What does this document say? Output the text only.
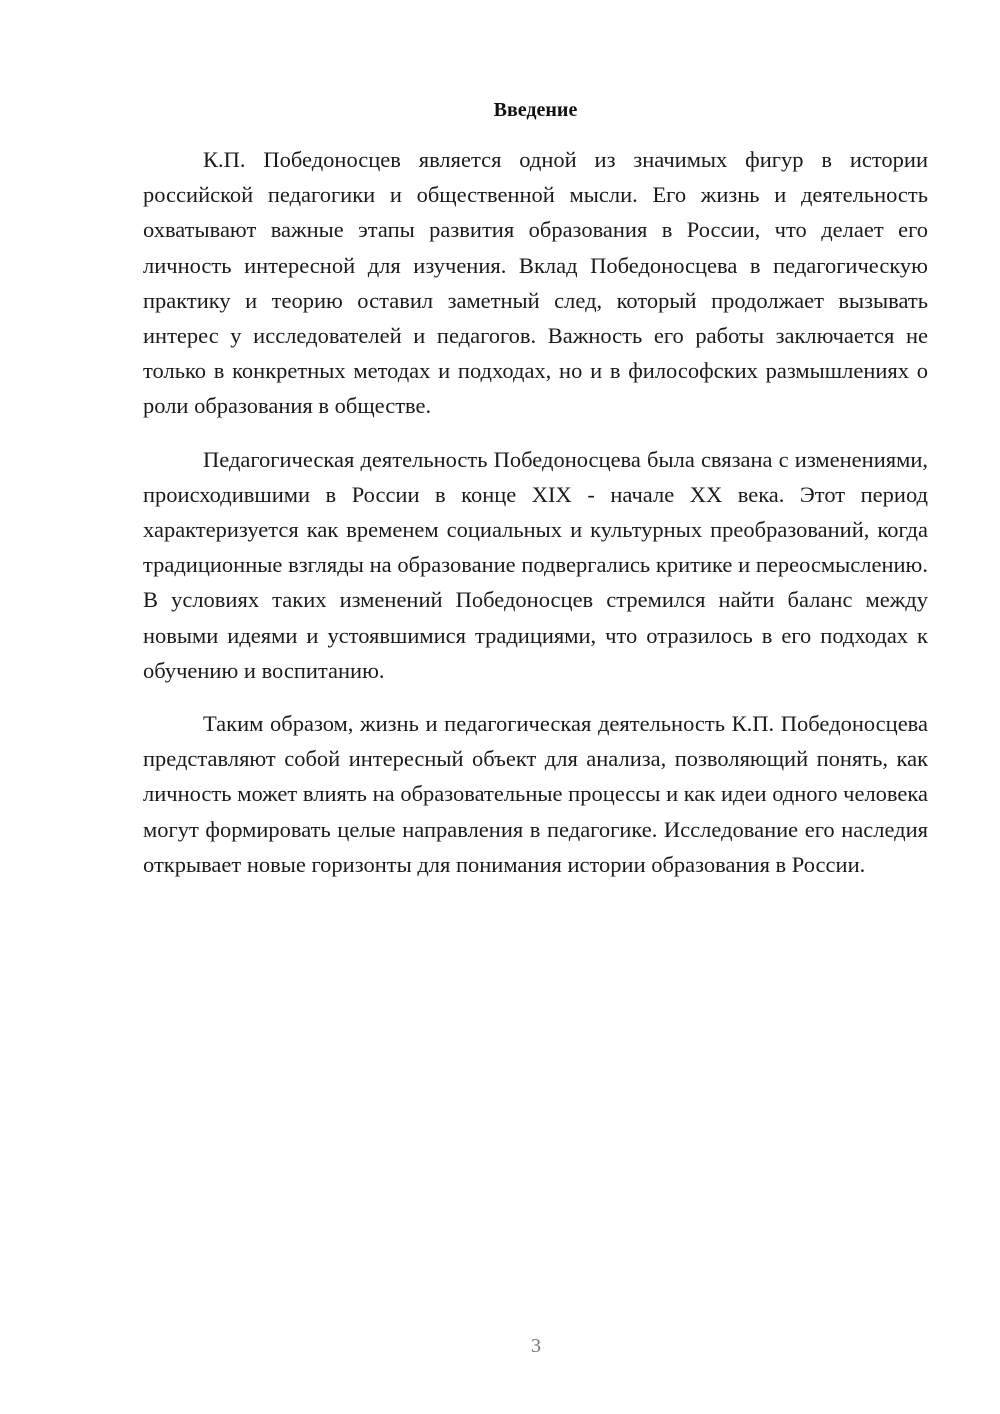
Введение

К.П. Победоносцев является одной из значимых фигур в истории российской педагогики и общественной мысли. Его жизнь и деятельность охватывают важные этапы развития образования в России, что делает его личность интересной для изучения. Вклад Победоносцева в педагогическую практику и теорию оставил заметный след, который продолжает вызывать интерес у исследователей и педагогов. Важность его работы заключается не только в конкретных методах и подходах, но и в философских размышлениях о роли образования в обществе.

Педагогическая деятельность Победоносцева была связана с изменениями, происходившими в России в конце XIX - начале XX века. Этот период характеризуется как временем социальных и культурных преобразований, когда традиционные взгляды на образование подвергались критике и переосмыслению. В условиях таких изменений Победоносцев стремился найти баланс между новыми идеями и устоявшимися традициями, что отразилось в его подходах к обучению и воспитанию.

Таким образом, жизнь и педагогическая деятельность К.П. Победоносцева представляют собой интересный объект для анализа, позволяющий понять, как личность может влиять на образовательные процессы и как идеи одного человека могут формировать целые направления в педагогике. Исследование его наследия открывает новые горизонты для понимания истории образования в России.

3
